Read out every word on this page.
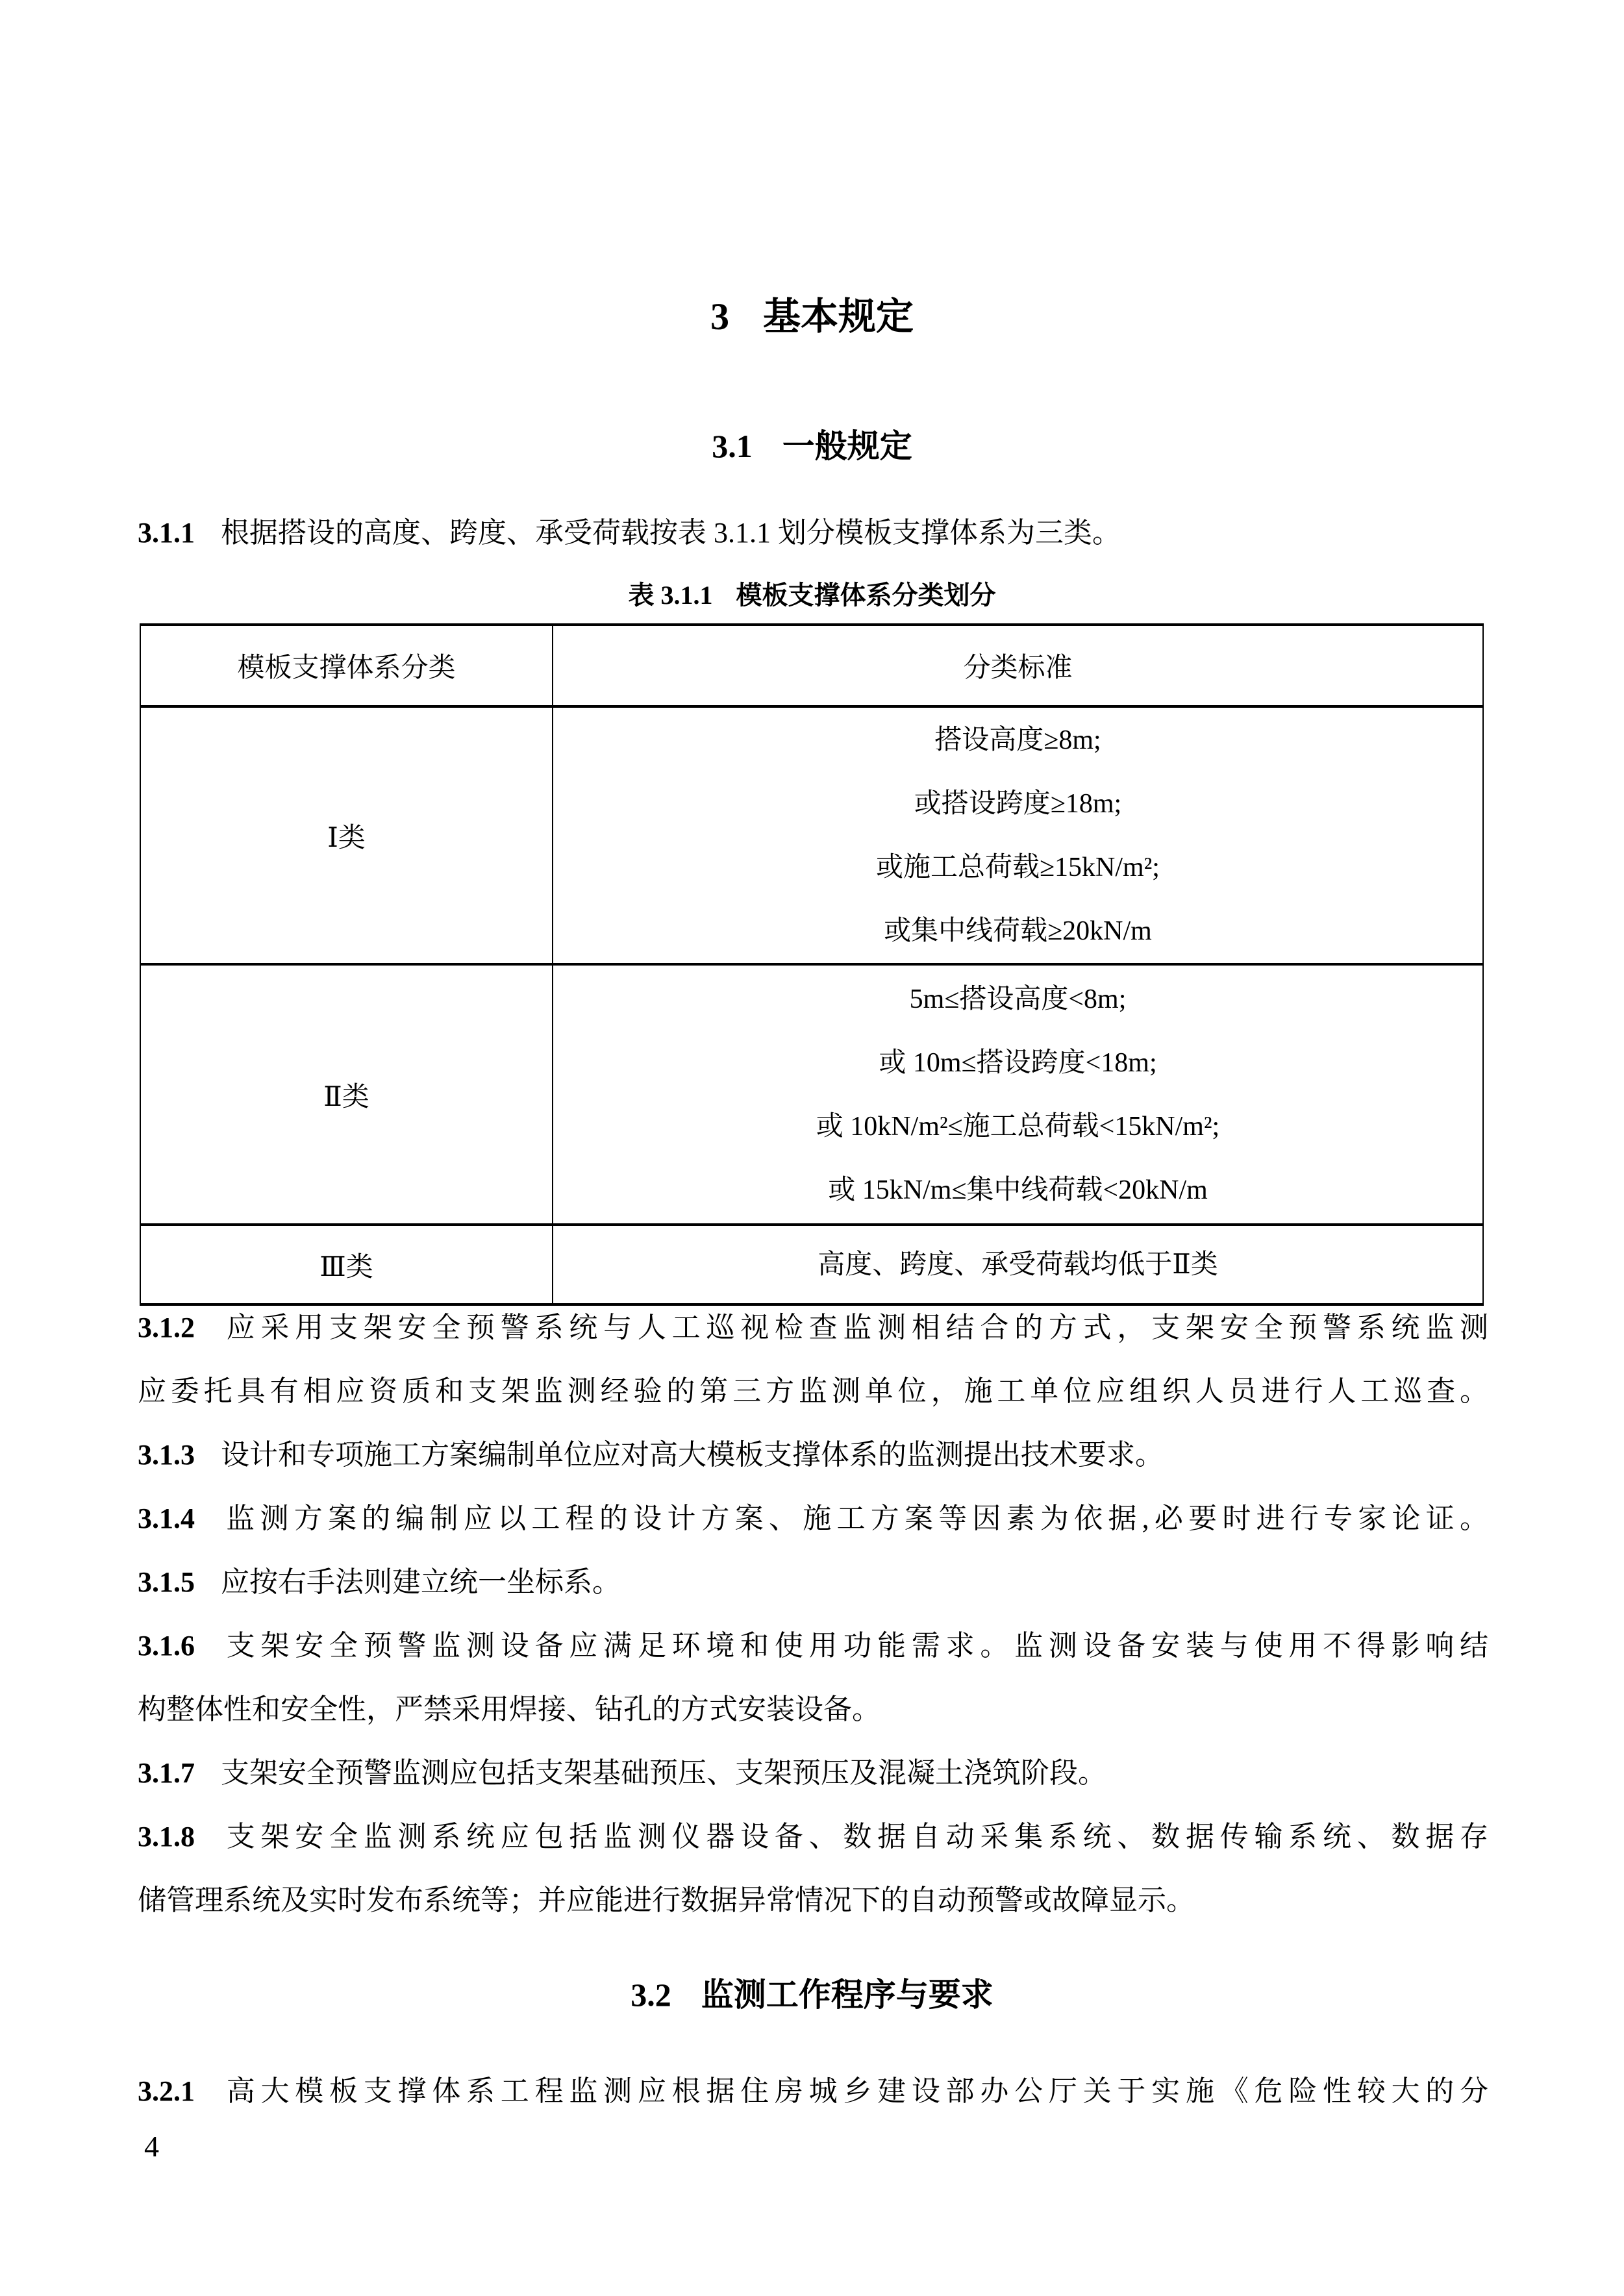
3 基本规定
3.1 一般规定
3.1.1 根据搭设的高度、跨度、承受荷载按表 3.1.1 划分模板支撑体系为三类。
表 3.1.1 模板支撑体系分类划分
模板支撑体系分类	分类标准
Ⅰ类	搭设高度≥8m;
或搭设跨度≥18m;
或施工总荷载≥15kN/m²;
或集中线荷载≥20kN/m

Ⅱ类	5m≤搭设高度<8m;
或 10m≤搭设跨度<18m;
或 10kN/m²≤施工总荷载<15kN/m²;
或 15kN/m≤集中线荷载<20kN/m

Ⅲ类	高度、跨度、承受荷载均低于Ⅱ类
3.1.2 应采用支架安全预警系统与人工巡视检查监测相结合的方式，支架安全预警系统监测
应委托具有相应资质和支架监测经验的第三方监测单位，施工单位应组织人员进行人工巡查。
3.1.3 设计和专项施工方案编制单位应对高大模板支撑体系的监测提出技术要求。
3.1.4 监测方案的编制应以工程的设计方案、施工方案等因素为依据,必要时进行专家论证。
3.1.5 应按右手法则建立统一坐标系。
3.1.6 支架安全预警监测设备应满足环境和使用功能需求。监测设备安装与使用不得影响结
构整体性和安全性，严禁采用焊接、钻孔的方式安装设备。
3.1.7 支架安全预警监测应包括支架基础预压、支架预压及混凝土浇筑阶段。
3.1.8 支架安全监测系统应包括监测仪器设备、数据自动采集系统、数据传输系统、数据存
储管理系统及实时发布系统等；并应能进行数据异常情况下的自动预警或故障显示。
3.2 监测工作程序与要求
3.2.1 高大模板支撑体系工程监测应根据住房城乡建设部办公厅关于实施《危险性较大的分
4
